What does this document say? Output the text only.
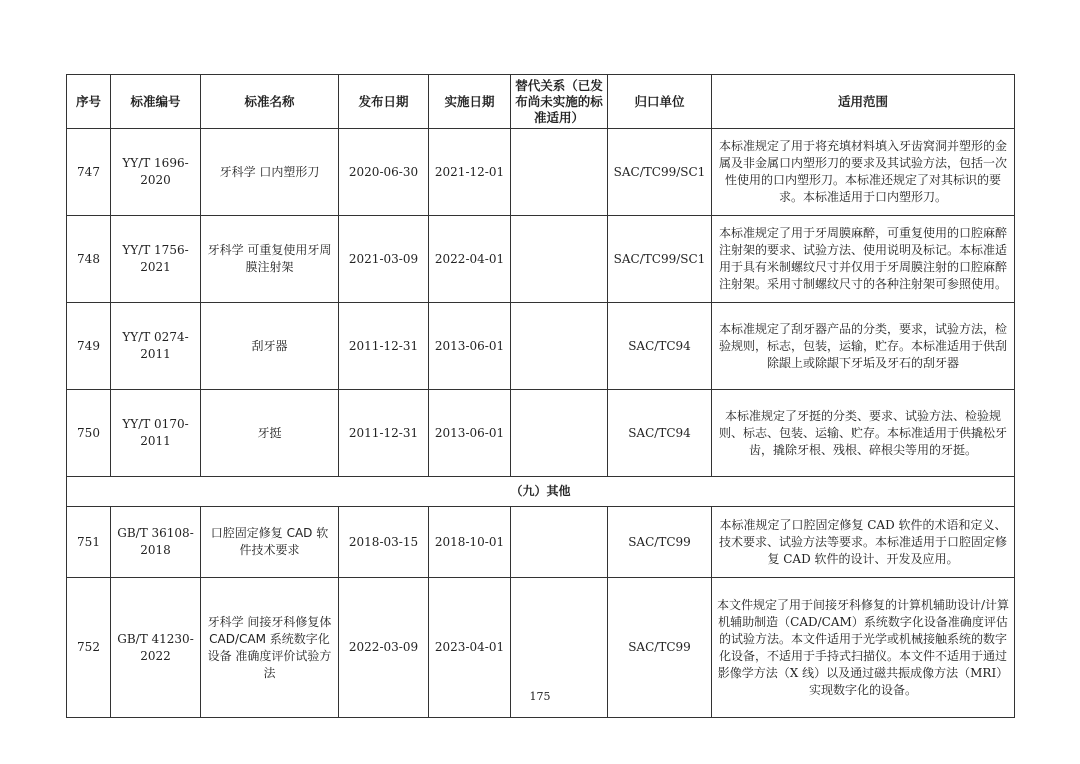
序号	标准编号	标准名称	发布日期	实施日期	替代关系（已发布尚未实施的标准适用）	归口单位	适用范围
747	YY/T 1696-2020	牙科学 口内塑形刀	2020-06-30	2021-12-01		SAC/TC99/SC1	本标准规定了用于将充填材料填入牙齿窝洞并塑形的金属及非金属口内塑形刀的要求及其试验方法，包括一次性使用的口内塑形刀。本标准还规定了对其标识的要求。本标准适用于口内塑形刀。
748	YY/T 1756-2021	牙科学 可重复使用牙周膜注射架	2021-03-09	2022-04-01		SAC/TC99/SC1	本标准规定了用于牙周膜麻醉，可重复使用的口腔麻醉注射架的要求、试验方法、使用说明及标记。本标准适用于具有米制螺纹尺寸并仅用于牙周膜注射的口腔麻醉注射架。采用寸制螺纹尺寸的各种注射架可参照使用。
749	YY/T 0274-2011	刮牙器	2011-12-31	2013-06-01		SAC/TC94	本标准规定了刮牙器产品的分类，要求，试验方法，检验规则，标志，包装，运输，贮存。本标准适用于供刮除龈上或除龈下牙垢及牙石的刮牙器
750	YY/T 0170-2011	牙挺	2011-12-31	2013-06-01		SAC/TC94	本标准规定了牙挺的分类、要求、试验方法、检验规则、标志、包装、运输、贮存。本标准适用于供撬松牙齿，撬除牙根、残根、碎根尖等用的牙挺。
（九）其他							
751	GB/T 36108-2018	口腔固定修复 CAD 软件技术要求	2018-03-15	2018-10-01		SAC/TC99	本标准规定了口腔固定修复 CAD 软件的术语和定义、技术要求、试验方法等要求。本标准适用于口腔固定修复 CAD 软件的设计、开发及应用。
752	GB/T 41230-2022	牙科学 间接牙科修复体 CAD/CAM 系统数字化设备 准确度评价试验方法	2022-03-09	2023-04-01		SAC/TC99	本文件规定了用于间接牙科修复的计算机辅助设计/计算机辅助制造（CAD/CAM）系统数字化设备准确度评估的试验方法。本文件适用于光学或机械接触系统的数字化设备，不适用于手持式扫描仪。本文件不适用于通过影像学方法（X 线）以及通过磁共振成像方法（MRI）实现数字化的设备。
175
